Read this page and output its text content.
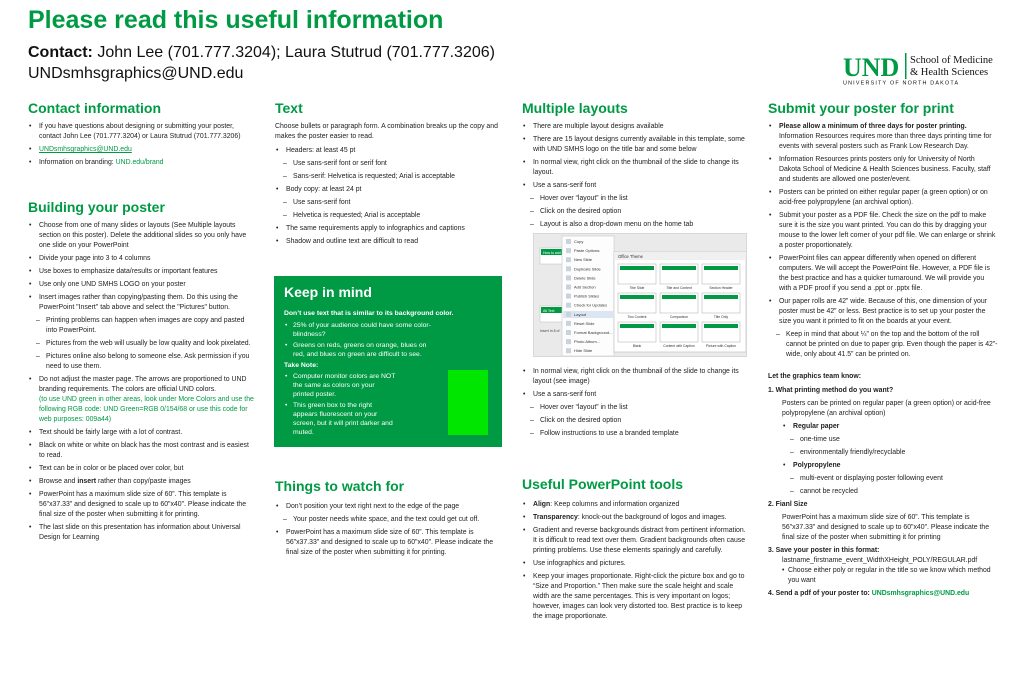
Please read this useful information
Contact: John Lee (701.777.3204); Laura Stutrud (701.777.3206)
UNDsmhsgraphics@UND.edu	UND School of Medicine
& Health Sciences
UNIVERSITY OF NORTH DAKOTA
Contact information
• If you have questions about designing or submitting your poster, contact John Lee (701.777.3204) or Laura Stutrud (701.777.3206)
• UNDsmhsgraphics@UND.edu
• Information on branding: UND.edu/brand
Building your poster
• Choose from one of many slides or layouts (See Multiple layouts section on this poster). Delete the additional slides so you only have one slide on your PowerPoint
• Divide your page into 3 to 4 columns
• Use boxes to emphasize data/results or important features
• Use only one UND SMHS LOGO on your poster
• Insert images rather than copying/pasting them. Do this using the PowerPoint "Insert" tab above and select the "Pictures" button.
– Printing problems can happen when images are copy and pasted into PowerPoint.
– Pictures from the web will usually be low quality and look pixelated.
– Pictures online also belong to someone else. Ask permission if you need to use them.
• Do not adjust the master page. The arrows are proportioned to UND branding requirements. The colors are official UND colors.
(to use UND green in other areas, look under More Colors and use the following RGB code: UND Green=RGB 0/154/68 or use this code for web purposes: 009a44)
• Text should be fairly large with a lot of contrast.
• Black on white or white on black has the most contrast and is easiest to read.
• Text can be in color or be placed over color, but
• Browse and insert rather than copy/paste images
• PowerPoint has a maximum slide size of 60”. This template is 56"x37.33" and designed to scale up to 60"x40". Please indicate the final size of the poster when submitting it for printing.
• The last slide on this presentation has information about Universal Design for Learning
Text

Choose bullets or paragraph form. A combination breaks up the copy and makes the poster easier to read.

• Headers: at least 45 pt
– Use sans-serif font or serif font
– Sans-serif: Helvetica is requested; Arial is acceptable
• Body copy: at least 24 pt
– Use sans-serif font
– Helvetica is requested; Arial is acceptable
• The same requirements apply to infographics and captions
• Shadow and outline text are difficult to read
Keep in mind
Don’t use text that is similar to its background color.
• 25% of your audience could have some color-blindness?
• Greens on reds, greens on orange, blues on red, and blues on green are difficult to see.
Take Note:
• Computer monitor colors are NOT the same as colors on your printed poster.
• This green box to the right appears fluorescent on your screen, but it will print darker and muted.
Things to watch for
• Don’t position your text right next to the edge of the page
– Your poster needs white space, and the text could get cut off.
• PowerPoint has a maximum slide size of 60”. This template is 56"x37.33" and designed to scale up to 60"x40". Please indicate the final size of the poster when submitting it for printing.
Multiple layouts
• There are multiple layout designs available
• There are 15 layout designs currently available in this template, some with UND SMHS logo on the title bar and some below
• In normal view, right click on the thumbnail of the slide to change its layout.
• Use a sans-serif font
– Hover over “layout” in the list
– Click on the desired option
– Layout is also a drop-down menu on the home tab
How to add
Alt Text
Insert In 8 of
Copy
Paste Options:
New Slide
Duplicate Slide
Delete Slide
Add Section
Publish Slides
Check for Updates
Layout
Reset Slide
Format Background...
Photo Album...
Hide Slide
Office Theme
Title Slide	Title and Content	Section Header
Two Content	Comparison	Title Only
Blank	Content with Caption	Picture with Caption
• In normal view, right click on the thumbnail of the slide to change its layout (see image)
• Use a sans-serif font
– Hover over “layout” in the list
– Click on the desired option
– Follow instructions to use a branded template
Useful PowerPoint tools
• Align: Keep columns and information organized
• Transparency: knock-out the background of logos and images.
• Gradient and reverse backgrounds distract from pertinent information. It is difficult to read text over them. Gradient backgrounds often cause printing problems. Use these elements sparingly and carefully.
• Use infographics and pictures.
• Keep your images proportionate. Right-click the picture box and go to “Size and Proportion.” Then make sure the scale height and scale width are the same percentages. This is very important on logos; however, images can look very distorted too. Best practice is to keep the image proportionate.
Submit your poster for print
• Please allow a minimum of three days for poster printing. Information Resources requires more than three days printing time for events with several posters such as Frank Low Research Day.
• Information Resources prints posters only for University of North Dakota School of Medicine & Health Sciences business. Faculty, staff and students are allowed one poster/event.
• Posters can be printed on either regular paper (a green option) or on acid-free polypropylene (an archival option).
• Submit your poster as a PDF file. Check the size on the pdf to make sure it is the size you want printed. You can do this by dragging your mouse to the lower left corner of your pdf file. We can enlarge or shrink a poster proportionately.
• PowerPoint files can appear differently when opened on different computers. We will accept the PowerPoint file. However, a PDF file is the best practice and has a quicker turnaround. We will provide you with a PDF proof if you send a .ppt or .pptx file.
• Our paper rolls are 42” wide. Because of this, one dimension of your poster must be 42” or less. Best practice is to set up your poster the size you want it printed to fit on the boards at your event.
– Keep in mind that about ¼” on the top and the bottom of the roll cannot be printed on due to paper grip. Even though the paper is 42”-wide, only about 41.5” can be printed on.

Let the graphics team know:

1. What printing method do you want?
Posters can be printed on regular paper (a green option) or acid-free polypropylene (an archival option)
• Regular paper
– one-time use
– environmentally friendly/recyclable
• Polypropylene
– multi-event or displaying poster following event
– cannot be recycled
2. Fianl Size
PowerPoint has a maximum slide size of 60”. This template is 56"x37.33" and designed to scale up to 60"x40". Please indicate the final size of the poster when submitting it for printing
3. Save your poster in this format:
lastname_firstname_event_WidthXHeight_POLY/REGULAR.pdf
• Choose either poly or regular in the title so we know which method you want
4. Send a pdf of your poster to: UNDsmhsgraphics@UND.edu
